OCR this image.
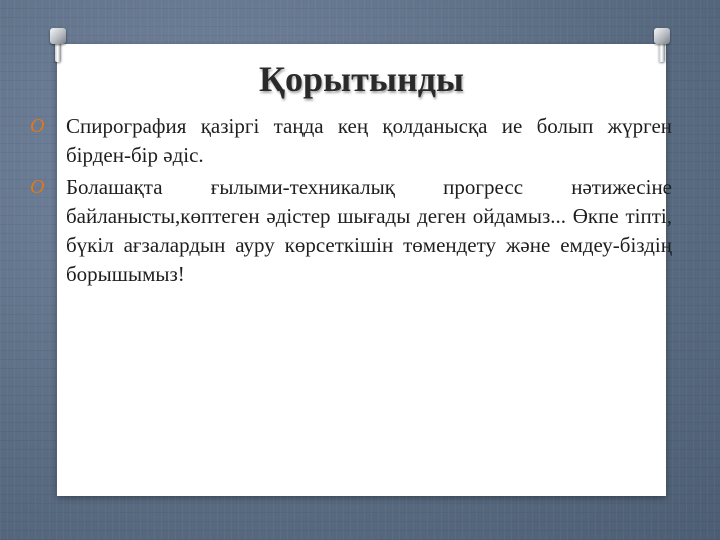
Қорытынды
O Спирография қазіргі таңда кең қолданысқа ие болып жүрген бірден-бір әдіс.
O Болашақта ғылыми-техникалық прогресс нәтижесіне байланысты,көптеген әдістер шығады деген ойдамыз... Өкпе тіпті, бүкіл ағзалардын ауру көрсеткішін төмендету және емдеу-біздің борышымыз!
